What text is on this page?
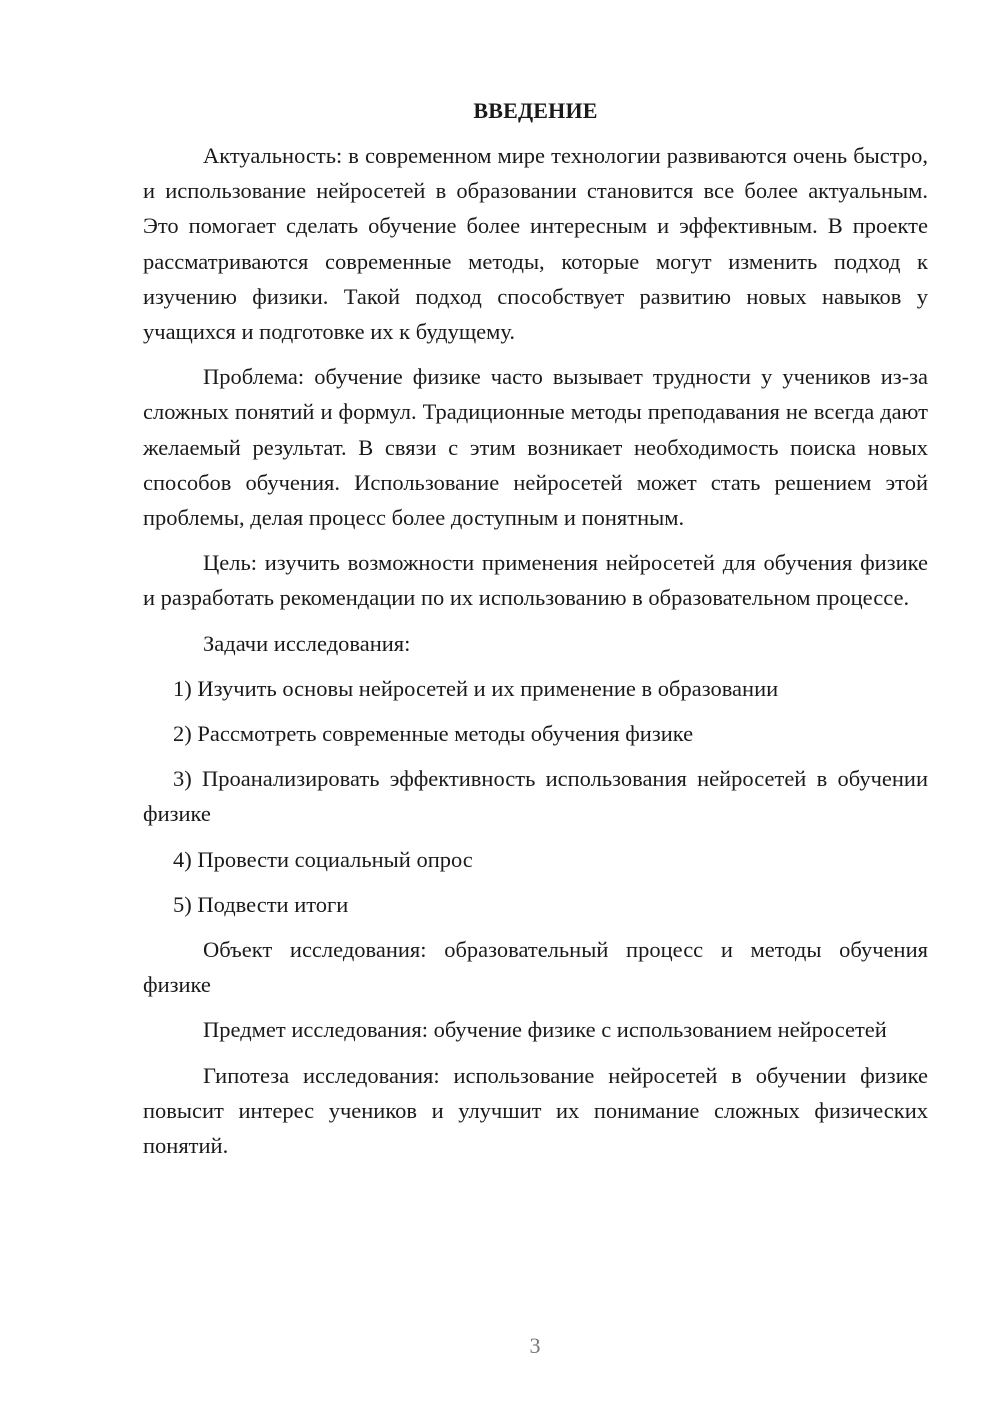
ВВЕДЕНИЕ

Актуальность: в современном мире технологии развиваются очень быстро, и использование нейросетей в образовании становится все более актуальным. Это помогает сделать обучение более интересным и эффективным. В проекте рассматриваются современные методы, которые могут изменить подход к изучению физики. Такой подход способствует развитию новых навыков у учащихся и подготовке их к будущему.

Проблема: обучение физике часто вызывает трудности у учеников из-за сложных понятий и формул. Традиционные методы преподавания не всегда дают желаемый результат. В связи с этим возникает необходимость поиска новых способов обучения. Использование нейросетей может стать решением этой проблемы, делая процесс более доступным и понятным.

Цель: изучить возможности применения нейросетей для обучения физике и разработать рекомендации по их использованию в образовательном процессе.

Задачи исследования:

1) Изучить основы нейросетей и их применение в образовании

2) Рассмотреть современные методы обучения физике

3) Проанализировать эффективность использования нейросетей в обучении физике

4) Провести социальный опрос

5) Подвести итоги

Объект исследования: образовательный процесс и методы обучения физике

Предмет исследования: обучение физике с использованием нейросетей

Гипотеза исследования: использование нейросетей в обучении физике повысит интерес учеников и улучшит их понимание сложных физических понятий.

3
